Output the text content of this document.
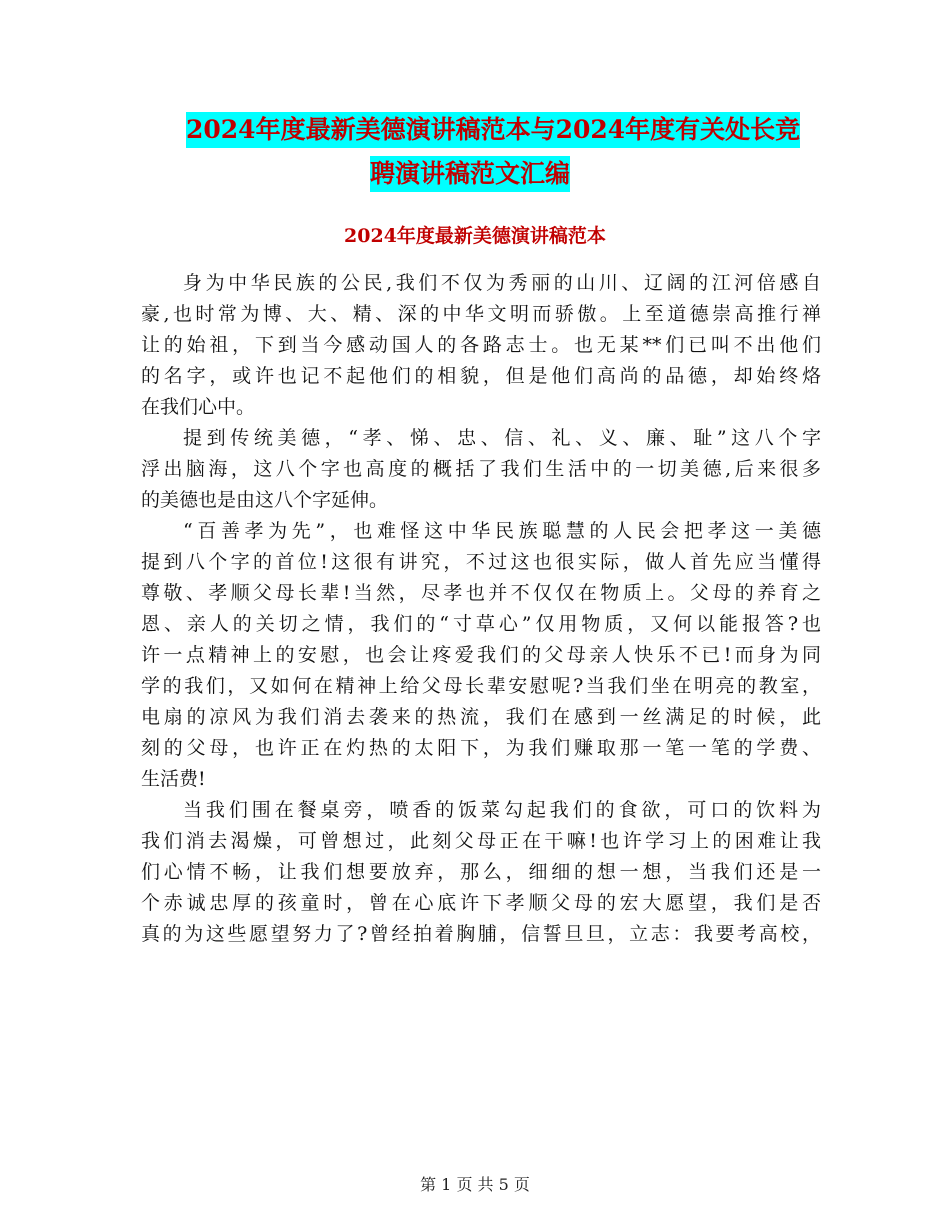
2024年度最新美德演讲稿范本与2024年度有关处长竞
聘演讲稿范文汇编
2024年度最新美德演讲稿范本
身为中华民族的公民,我们不仅为秀丽的山川、辽阔的江河倍感自
豪,也时常为博、大、精、深的中华文明而骄傲。上至道德崇高推行禅
让的始祖，下到当今感动国人的各路志士。也无某**们已叫不出他们
的名字，或许也记不起他们的相貌，但是他们高尚的品德，却始终烙
在我们心中。
提到传统美德，“孝、悌、忠、信、礼、义、廉、耻”这八个字
浮出脑海，这八个字也高度的概括了我们生活中的一切美德,后来很多
的美德也是由这八个字延伸。
“百善孝为先”，也难怪这中华民族聪慧的人民会把孝这一美德
提到八个字的首位!这很有讲究，不过这也很实际，做人首先应当懂得
尊敬、孝顺父母长辈!当然，尽孝也并不仅仅在物质上。父母的养育之
恩、亲人的关切之情，我们的“寸草心”仅用物质，又何以能报答?也
许一点精神上的安慰，也会让疼爱我们的父母亲人快乐不已!而身为同
学的我们，又如何在精神上给父母长辈安慰呢?当我们坐在明亮的教室，
电扇的凉风为我们消去袭来的热流，我们在感到一丝满足的时候，此
刻的父母，也许正在灼热的太阳下，为我们赚取那一笔一笔的学费、
生活费!
当我们围在餐桌旁，喷香的饭菜勾起我们的食欲，可口的饮料为
我们消去渴燥，可曾想过，此刻父母正在干嘛!也许学习上的困难让我
们心情不畅，让我们想要放弃，那么，细细的想一想，当我们还是一
个赤诚忠厚的孩童时，曾在心底许下孝顺父母的宏大愿望，我们是否
真的为这些愿望努力了?曾经拍着胸脯，信誓旦旦，立志：我要考高校，
第 1 页 共 5 页
